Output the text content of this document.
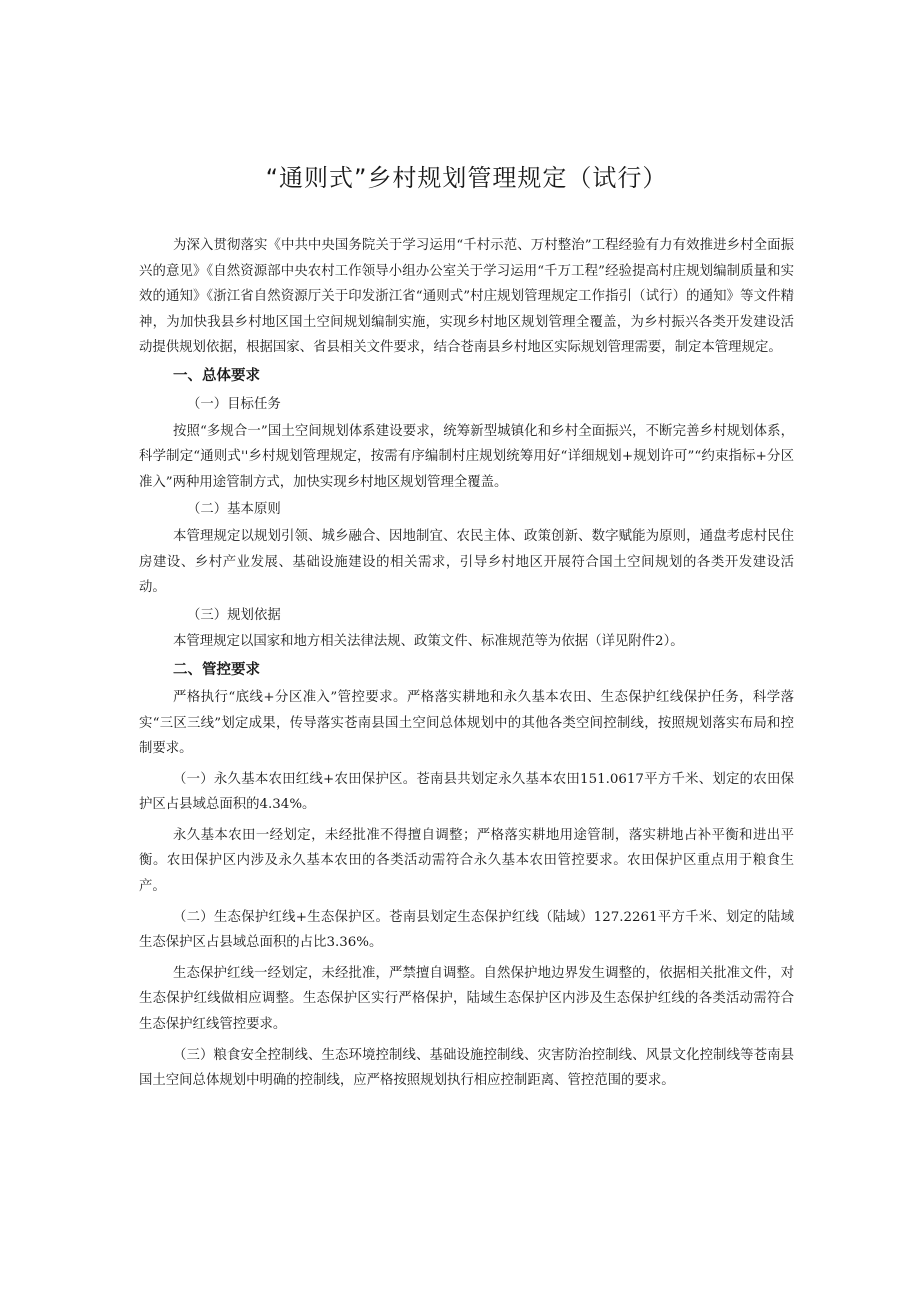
“通则式”乡村规划管理规定（试行）

为深入贯彻落实《中共中央国务院关于学习运用“千村示范、万村整治”工程经验有力有效推进乡村全面振兴的意见》《自然资源部中央农村工作领导小组办公室关于学习运用“千万工程”经验提高村庄规划编制质量和实效的通知》《浙江省自然资源厅关于印发浙江省“通则式”村庄规划管理规定工作指引（试行）的通知》等文件精神，为加快我县乡村地区国土空间规划编制实施，实现乡村地区规划管理全覆盖，为乡村振兴各类开发建设活动提供规划依据，根据国家、省县相关文件要求，结合苍南县乡村地区实际规划管理需要，制定本管理规定。

一、总体要求
（一）目标任务

按照“多规合一”国土空间规划体系建设要求，统筹新型城镇化和乡村全面振兴，不断完善乡村规划体系，科学制定“通则式''乡村规划管理规定，按需有序编制村庄规划统筹用好“详细规划+规划许可”“约束指标+分区准入”两种用途管制方式，加快实现乡村地区规划管理全覆盖。

（二）基本原则

本管理规定以规划引领、城乡融合、因地制宜、农民主体、政策创新、数字赋能为原则，通盘考虑村民住房建设、乡村产业发展、基础设施建设的相关需求，引导乡村地区开展符合国土空间规划的各类开发建设活动。

（三）规划依据

本管理规定以国家和地方相关法律法规、政策文件、标准规范等为依据（详见附件2）。

二、管控要求

严格执行“底线+分区准入”管控要求。严格落实耕地和永久基本农田、生态保护红线保护任务，科学落实“三区三线”划定成果，传导落实苍南县国土空间总体规划中的其他各类空间控制线，按照规划落实布局和控制要求。

（一）永久基本农田红线+农田保护区。苍南县共划定永久基本农田151.0617平方千米、划定的农田保护区占县域总面积的4.34%。

永久基本农田一经划定，未经批准不得擅自调整；严格落实耕地用途管制，落实耕地占补平衡和进出平衡。农田保护区内涉及永久基本农田的各类活动需符合永久基本农田管控要求。农田保护区重点用于粮食生产。

（二）生态保护红线+生态保护区。苍南县划定生态保护红线（陆域）127.2261平方千米、划定的陆域生态保护区占县域总面积的占比3.36%。

生态保护红线一经划定，未经批准，严禁擅自调整。自然保护地边界发生调整的，依据相关批准文件，对生态保护红线做相应调整。生态保护区实行严格保护，陆域生态保护区内涉及生态保护红线的各类活动需符合生态保护红线管控要求。

（三）粮食安全控制线、生态环境控制线、基础设施控制线、灾害防治控制线、风景文化控制线等苍南县国土空间总体规划中明确的控制线，应严格按照规划执行相应控制距离、管控范围的要求。
